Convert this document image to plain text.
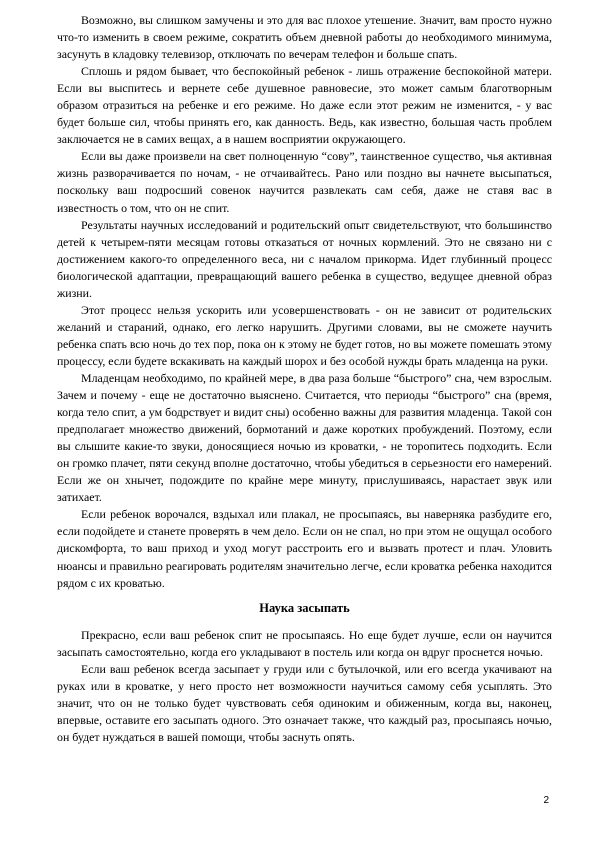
Возможно, вы слишком замучены и это для вас плохое утешение. Значит, вам просто нужно что-то изменить в своем режиме, сократить объем дневной работы до необходимого минимума, засунуть в кладовку телевизор, отключать по вечерам телефон и больше спать.

Сплошь и рядом бывает, что беспокойный ребенок - лишь отражение беспокойной матери. Если вы выспитесь и вернете себе душевное равновесие, это может самым благотворным образом отразиться на ребенке и его режиме. Но даже если этот режим не изменится, - у вас будет больше сил, чтобы принять его, как данность. Ведь, как известно, большая часть проблем заключается не в самих вещах, а в нашем восприятии окружающего.

Если вы даже произвели на свет полноценную “сову”, таинственное существо, чья активная жизнь разворачивается по ночам, - не отчаивайтесь. Рано или поздно вы начнете высыпаться, поскольку ваш подросший совенок научится развлекать сам себя, даже не ставя вас в известность о том, что он не спит.

Результаты научных исследований и родительский опыт свидетельствуют, что большинство детей к четырем-пяти месяцам готовы отказаться от ночных кормлений. Это не связано ни с достижением какого-то определенного веса, ни с началом прикорма. Идет глубинный процесс биологической адаптации, превращающий вашего ребенка в существо, ведущее дневной образ жизни.

Этот процесс нельзя ускорить или усовершенствовать - он не зависит от родительских желаний и стараний, однако, его легко нарушить. Другими словами, вы не сможете научить ребенка спать всю ночь до тех пор, пока он к этому не будет готов, но вы можете помешать этому процессу, если будете вскакивать на каждый шорох и без особой нужды брать младенца на руки.

Младенцам необходимо, по крайней мере, в два раза больше “быстрого” сна, чем взрослым. Зачем и почему - еще не достаточно выяснено. Считается, что периоды “быстрого” сна (время, когда тело спит, а ум бодрствует и видит сны) особенно важны для развития младенца. Такой сон предполагает множество движений, бормотаний и даже коротких пробуждений. Поэтому, если вы слышите какие-то звуки, доносящиеся ночью из кроватки, - не торопитесь подходить. Если он громко плачет, пяти секунд вполне достаточно, чтобы убедиться в серьезности его намерений. Если же он хнычет, подождите по крайне мере минуту, прислушиваясь, нарастает звук или затихает.

Если ребенок ворочался, вздыхал или плакал, не просыпаясь, вы наверняка разбудите его, если подойдете и станете проверять в чем дело. Если он не спал, но при этом не ощущал особого дискомфорта, то ваш приход и уход могут расстроить его и вызвать протест и плач. Уловить нюансы и правильно реагировать родителям значительно легче, если кроватка ребенка находится рядом с их кроватью.

Наука засыпать

Прекрасно, если ваш ребенок спит не просыпаясь. Но еще будет лучше, если он научится засыпать самостоятельно, когда его укладывают в постель или когда он вдруг проснется ночью.

Если ваш ребенок всегда засыпает у груди или с бутылочкой, или его всегда укачивают на руках или в кроватке, у него просто нет возможности научиться самому себя усыплять. Это значит, что он не только будет чувствовать себя одиноким и обиженным, когда вы, наконец, впервые, оставите его засыпать одного. Это означает также, что каждый раз, просыпаясь ночью, он будет нуждаться в вашей помощи, чтобы заснуть опять.

2
